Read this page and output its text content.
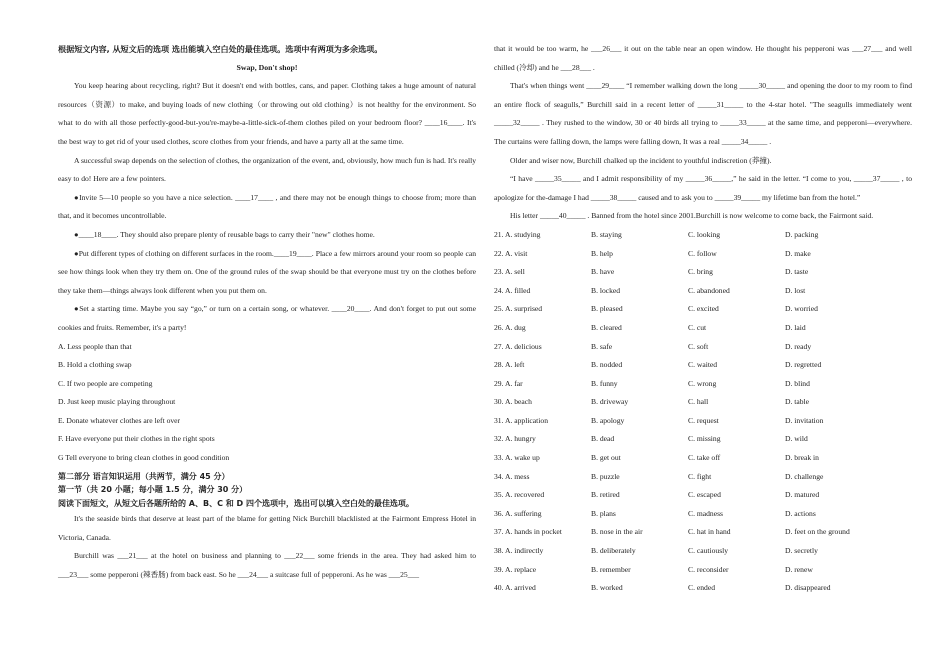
根据短文内容, 从短文后的选项 选出能填入空白处的最佳选项。选项中有两项为多余选项。

Swap, Don't shop!

You keep hearing about recycling, right? But it doesn't end with bottles, cans, and paper. Clothing takes a huge amount of natural resources（资源）to make, and buying loads of new clothing（or throwing out old clothing）is not healthy for the environment. So what to do with all those perfectly-good-but-you're-maybe-a-little-sick-of-them clothes piled on your bedroom floor? ____16____. It's the best way to get rid of your used clothes, score clothes from your friends, and have a party all at the same time.

A successful swap depends on the selection of clothes, the organization of the event, and, obviously, how much fun is had. It's really easy to do! Here are a few pointers.

●Invite 5—10 people so you have a nice selection. ____17____ , and there may not be enough things to choose from; more than that, and it becomes uncontrollable.

●____18____. They should also prepare plenty of reusable bags to carry their "new" clothes home.

●Put different types of clothing on different surfaces in the room.____19____. Place a few mirrors around your room so people can see how things look when they try them on. One of the ground rules of the swap should be that everyone must try on the clothes before they take them—things always look different when you put them on.

●Set a starting time. Maybe you say “go,” or turn on a certain song, or whatever. ____20____. And don't forget to put out some cookies and fruits. Remember, it's a party!

A. Less people than that

B. Hold a clothing swap

C. If two people are competing

D. Just keep music playing throughout

E. Donate whatever clothes are left over

F. Have everyone put their clothes in the right spots

G Tell everyone to bring clean clothes in good condition

第二部分 语言知识运用（共两节，满分 45 分）

第一节（共 20 小题；每小题 1.5 分，满分 30 分）

阅读下面短文，从短文后各题所给的 A、B、C 和 D 四个选项中，选出可以填入空白处的最佳选项。

It's the seaside birds that deserve at least part of the blame for getting Nick Burchill blacklisted at the Fairmont Empress Hotel in Victoria, Canada.

Burchill was ___21___ at the hotel on business and planning to ___22___ some friends in the area. They had asked him to ___23___ some pepperoni (辣香肠) from back east. So he ___24___ a suitcase full of pepperoni. As he was ___25___

that it would be too warm, he ___26___ it out on the table near an open window. He thought his pepperoni was ___27___ and well chilled (冷却) and he ___28___ .

That's when things went ____29____ “I remember walking down the long _____30_____ and opening the door to my room to find an entire flock of seagulls,” Burchill said in a recent letter of _____31_____ to the 4-star hotel. "The seagulls immediately went _____32_____ . They rushed to the window, 30 or 40 birds all trying to _____33_____ at the same time, and pepperoni—everywhere. The curtains were falling down, the lamps were falling down, It was a real _____34_____ .

Older and wiser now, Burchill chalked up the incident to youthful indiscretion (莽撞).

“I have _____35_____ and I admit responsibility of my _____36_____,” he said in the letter. “I come to you, _____37_____ , to apologize for the-damage I had _____38_____ caused and to ask you to _____39_____ my lifetime ban from the hotel.”

His letter _____40_____ . Banned from the hotel since 2001.Burchill is now welcome to come back, the Fairmont said.

21. A. studying	B. staying	C. looking	D. packing
22. A. visit	B. help	C. follow	D. make
23. A. sell	B. have	C. bring	D. taste
24. A. filled	B. locked	C. abandoned	D. lost
25. A. surprised	B. pleased	C. excited	D. worried
26. A. dug	B. cleared	C. cut	D. laid
27. A. delicious	B. safe	C. soft	D. ready
28. A. left	B. nodded	C. waited	D. regretted
29. A. far	B. funny	C. wrong	D. blind
30. A. beach	B. driveway	C. hall	D. table
31. A. application	B. apology	C. request	D. invitation
32. A. hungry	B. dead	C. missing	D. wild
33. A. wake up	B. get out	C. take off	D. break in
34. A. mess	B. puzzle	C. fight	D. challenge
35. A. recovered	B. retired	C. escaped	D. matured
36. A. suffering	B. plans	C. madness	D. actions
37. A. hands in pocket	B. nose in the air	C. hat in hand	D. feet on the ground
38. A. indirectly	B. deliberately	C. cautiously	D. secretly
39. A. replace	B. remember	C. reconsider	D. renew
40. A. arrived	B. worked	C. ended	D. disappeared
